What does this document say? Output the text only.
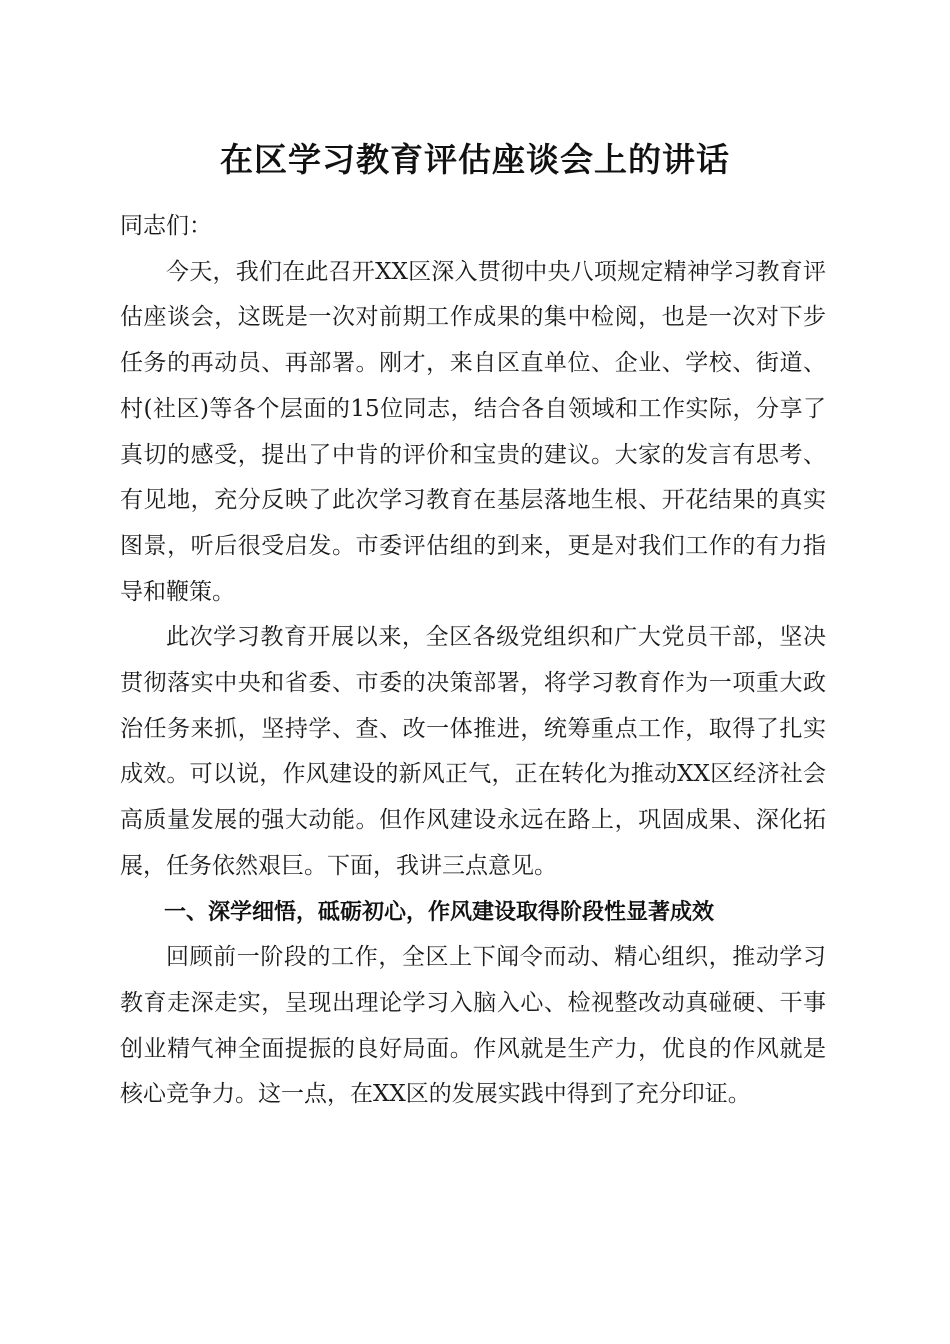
在区学习教育评估座谈会上的讲话

同志们：

今天，我们在此召开XX区深入贯彻中央八项规定精神学习教育评估座谈会，这既是一次对前期工作成果的集中检阅，也是一次对下步任务的再动员、再部署。刚才，来自区直单位、企业、学校、街道、村(社区)等各个层面的15位同志，结合各自领域和工作实际，分享了真切的感受，提出了中肯的评价和宝贵的建议。大家的发言有思考、有见地，充分反映了此次学习教育在基层落地生根、开花结果的真实图景，听后很受启发。市委评估组的到来，更是对我们工作的有力指导和鞭策。

此次学习教育开展以来，全区各级党组织和广大党员干部，坚决贯彻落实中央和省委、市委的决策部署，将学习教育作为一项重大政治任务来抓，坚持学、查、改一体推进，统筹重点工作，取得了扎实成效。可以说，作风建设的新风正气，正在转化为推动XX区经济社会高质量发展的强大动能。但作风建设永远在路上，巩固成果、深化拓展，任务依然艰巨。下面，我讲三点意见。

一、深学细悟，砥砺初心，作风建设取得阶段性显著成效

回顾前一阶段的工作，全区上下闻令而动、精心组织，推动学习教育走深走实，呈现出理论学习入脑入心、检视整改动真碰硬、干事创业精气神全面提振的良好局面。作风就是生产力，优良的作风就是核心竞争力。这一点，在XX区的发展实践中得到了充分印证。
